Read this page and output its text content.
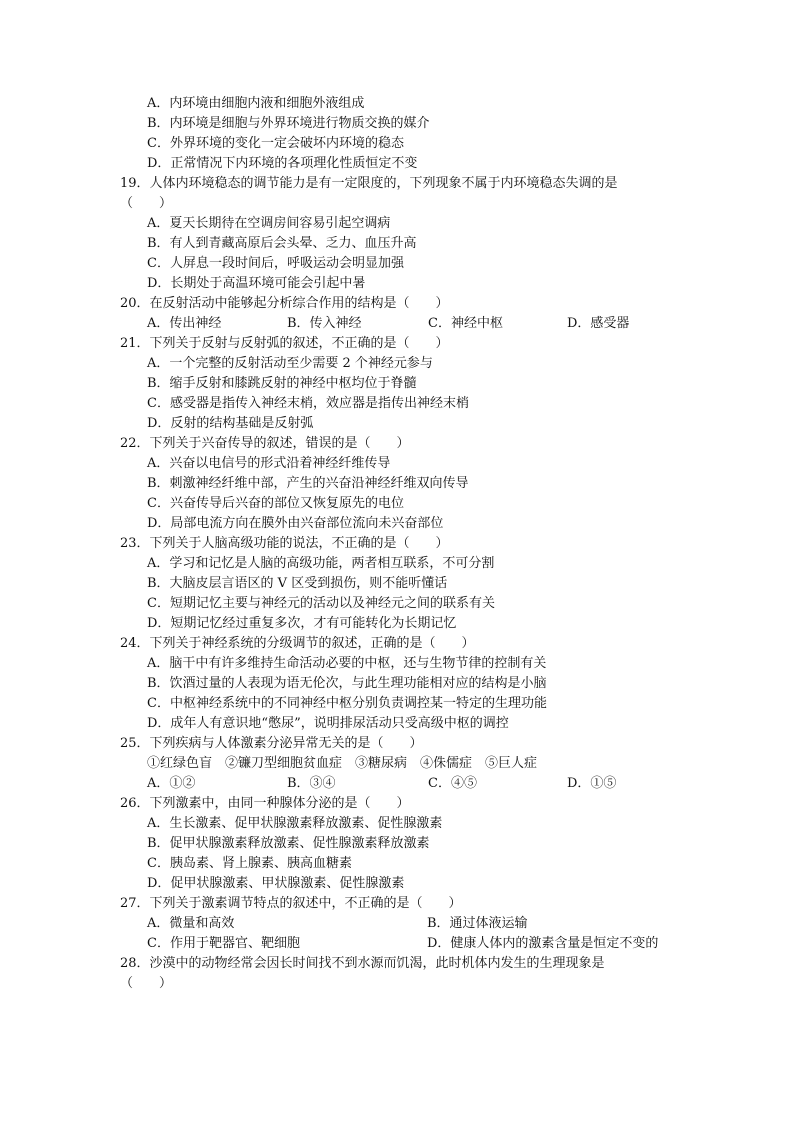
A．内环境由细胞内液和细胞外液组成
B．内环境是细胞与外界环境进行物质交换的媒介
C．外界环境的变化一定会破坏内环境的稳态
D．正常情况下内环境的各项理化性质恒定不变
19．人体内环境稳态的调节能力是有一定限度的，下列现象不属于内环境稳态失调的是
（　　）
A．夏天长期待在空调房间容易引起空调病
B．有人到青藏高原后会头晕、乏力、血压升高
C．人屏息一段时间后，呼吸运动会明显加强
D．长期处于高温环境可能会引起中暑
20．在反射活动中能够起分析综合作用的结构是（　　）
A．传出神经	B．传入神经	C．神经中枢	D．感受器
21．下列关于反射与反射弧的叙述，不正确的是（　　）
A．一个完整的反射活动至少需要 2 个神经元参与
B．缩手反射和膝跳反射的神经中枢均位于脊髓
C．感受器是指传入神经末梢，效应器是指传出神经末梢
D．反射的结构基础是反射弧
22．下列关于兴奋传导的叙述，错误的是（　　）
A．兴奋以电信号的形式沿着神经纤维传导
B．刺激神经纤维中部，产生的兴奋沿神经纤维双向传导
C．兴奋传导后兴奋的部位又恢复原先的电位
D．局部电流方向在膜外由兴奋部位流向未兴奋部位
23．下列关于人脑高级功能的说法，不正确的是（　　）
A．学习和记忆是人脑的高级功能，两者相互联系，不可分割
B．大脑皮层言语区的 V 区受到损伤，则不能听懂话
C．短期记忆主要与神经元的活动以及神经元之间的联系有关
D．短期记忆经过重复多次，才有可能转化为长期记忆
24．下列关于神经系统的分级调节的叙述，正确的是（　　）
A．脑干中有许多维持生命活动必要的中枢，还与生物节律的控制有关
B．饮酒过量的人表现为语无伦次，与此生理功能相对应的结构是小脑
C．中枢神经系统中的不同神经中枢分别负责调控某一特定的生理功能
D．成年人有意识地“憋尿”，说明排尿活动只受高级中枢的调控
25．下列疾病与人体激素分泌异常无关的是（　　）
①红绿色盲　②镰刀型细胞贫血症　③糖尿病　④侏儒症　⑤巨人症
A．①②	B．③④	C．④⑤	D．①⑤
26．下列激素中，由同一种腺体分泌的是（　　）
A．生长激素、促甲状腺激素释放激素、促性腺激素
B．促甲状腺激素释放激素、促性腺激素释放激素
C．胰岛素、肾上腺素、胰高血糖素
D．促甲状腺激素、甲状腺激素、促性腺激素
27．下列关于激素调节特点的叙述中，不正确的是（　　）
A．微量和高效	B．通过体液运输
C．作用于靶器官、靶细胞	D．健康人体内的激素含量是恒定不变的
28．沙漠中的动物经常会因长时间找不到水源而饥渴，此时机体内发生的生理现象是
（　　）
